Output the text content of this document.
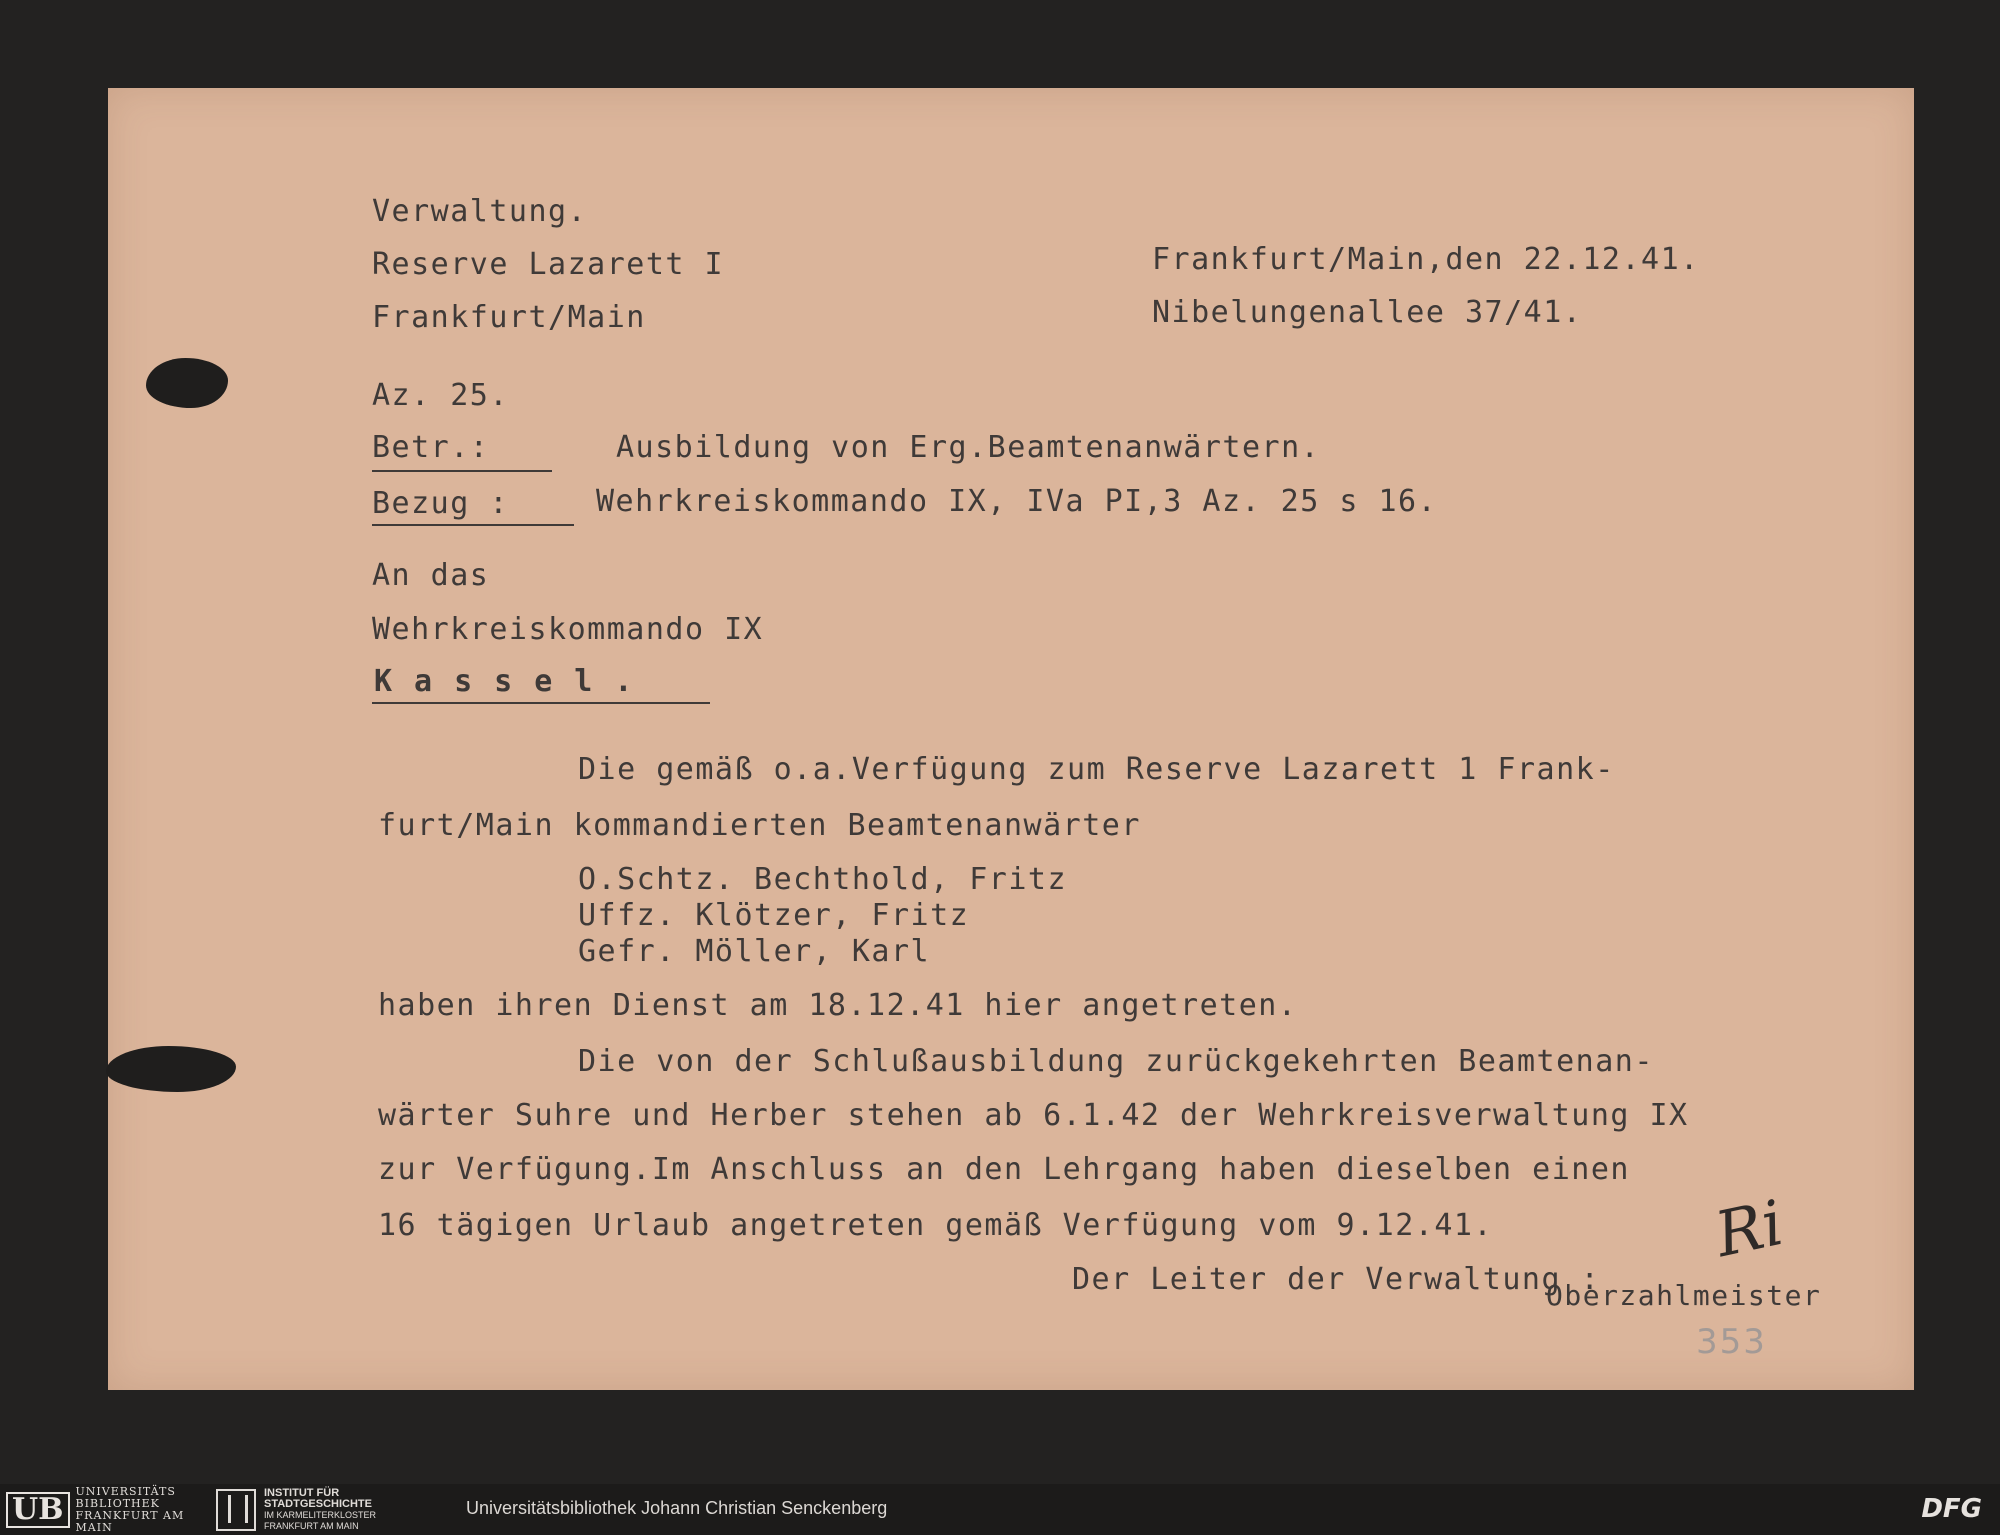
Verwaltung.

Reserve Lazarett I

Frankfurt/Main

Frankfurt/Main,den 22.12.41.

Nibelungenallee 37/41.

Az. 25.

Betr.:	Ausbildung von Erg.Beamtenanwärtern.

Bezug :	Wehrkreiskommando IX, IVa PI,3 Az. 25 s 16.

An das

Wehrkreiskommando IX

Kassel.

Die gemäß o.a.Verfügung zum Reserve Lazarett 1 Frank-

furt/Main kommandierten Beamtenanwärter

O.Schtz. Bechthold, Fritz

Uffz. Klötzer, Fritz

Gefr. Möller, Karl

haben ihren Dienst am 18.12.41 hier angetreten.

Die von der Schlußausbildung zurückgekehrten Beamtenan-

wärter Suhre und Herber stehen ab 6.1.42 der Wehrkreisverwaltung IX

zur Verfügung.Im Anschluss an den Lehrgang haben dieselben einen

16 tägigen Urlaub angetreten gemäß Verfügung vom 9.12.41.

Der Leiter der Verwaltung :

Oberzahlmeister

Ri
353
UB
UNIVERSITÄTS
BIBLIOTHEK
FRANKFURT AM MAIN
INSTITUT FÜR
STADTGESCHICHTE
IM KARMELITERKLOSTER
FRANKFURT AM MAIN
Universitätsbibliothek Johann Christian Senckenberg	DFG
